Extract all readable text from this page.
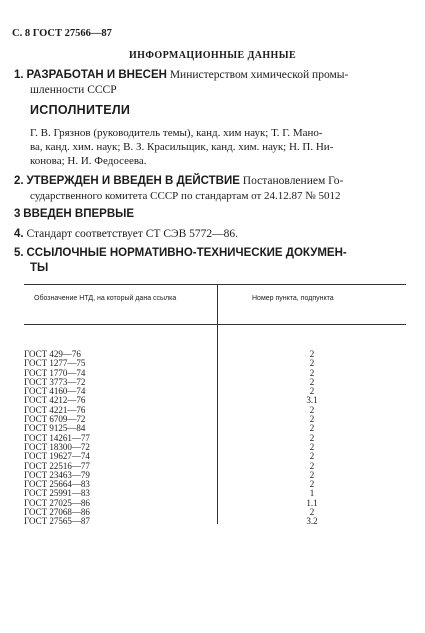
С. 8 ГОСТ 27566—87
ИНФОРМАЦИОННЫЕ ДАННЫЕ
1. РАЗРАБОТАН И ВНЕСЕН Министерством химической промы-
шленности СССР
ИСПОЛНИТЕЛИ
Г. В. Грязнов (руководитель темы), канд. хим наук; Т. Г. Мано-
ва, канд. хим. наук; В. З. Красильщик, канд. хим. наук; Н. П. Ни-
конова; Н. И. Федосеева.
2. УТВЕРЖДЕН И ВВЕДЕН В ДЕЙСТВИЕ Постановлением Го-
сударственного комитета СССР по стандартам от 24.12.87 № 5012
3 ВВЕДЕН ВПЕРВЫЕ
4. Стандарт соответствует СТ СЭВ 5772—86.
5. ССЫЛОЧНЫЕ НОРМАТИВНО-ТЕХНИЧЕСКИЕ ДОКУМЕН-
ТЫ
Обозначение НТД, на который дана ссылка	Номер пункта, подпункта
ГОСТ 429—76	2
ГОСТ 1277—75	2
ГОСТ 1770—74	2
ГОСТ 3773—72	2
ГОСТ 4160—74	2
ГОСТ 4212—76	3.1
ГОСТ 4221—76	2
ГОСТ 6709—72	2
ГОСТ 9125—84	2
ГОСТ 14261—77	2
ГОСТ 18300—72	2
ГОСТ 19627—74	2
ГОСТ 22516—77	2
ГОСТ 23463—79	2
ГОСТ 25664—83	2
ГОСТ 25991—83	1
ГОСТ 27025—86	1.1
ГОСТ 27068—86	2
ГОСТ 27565—87	3.2
